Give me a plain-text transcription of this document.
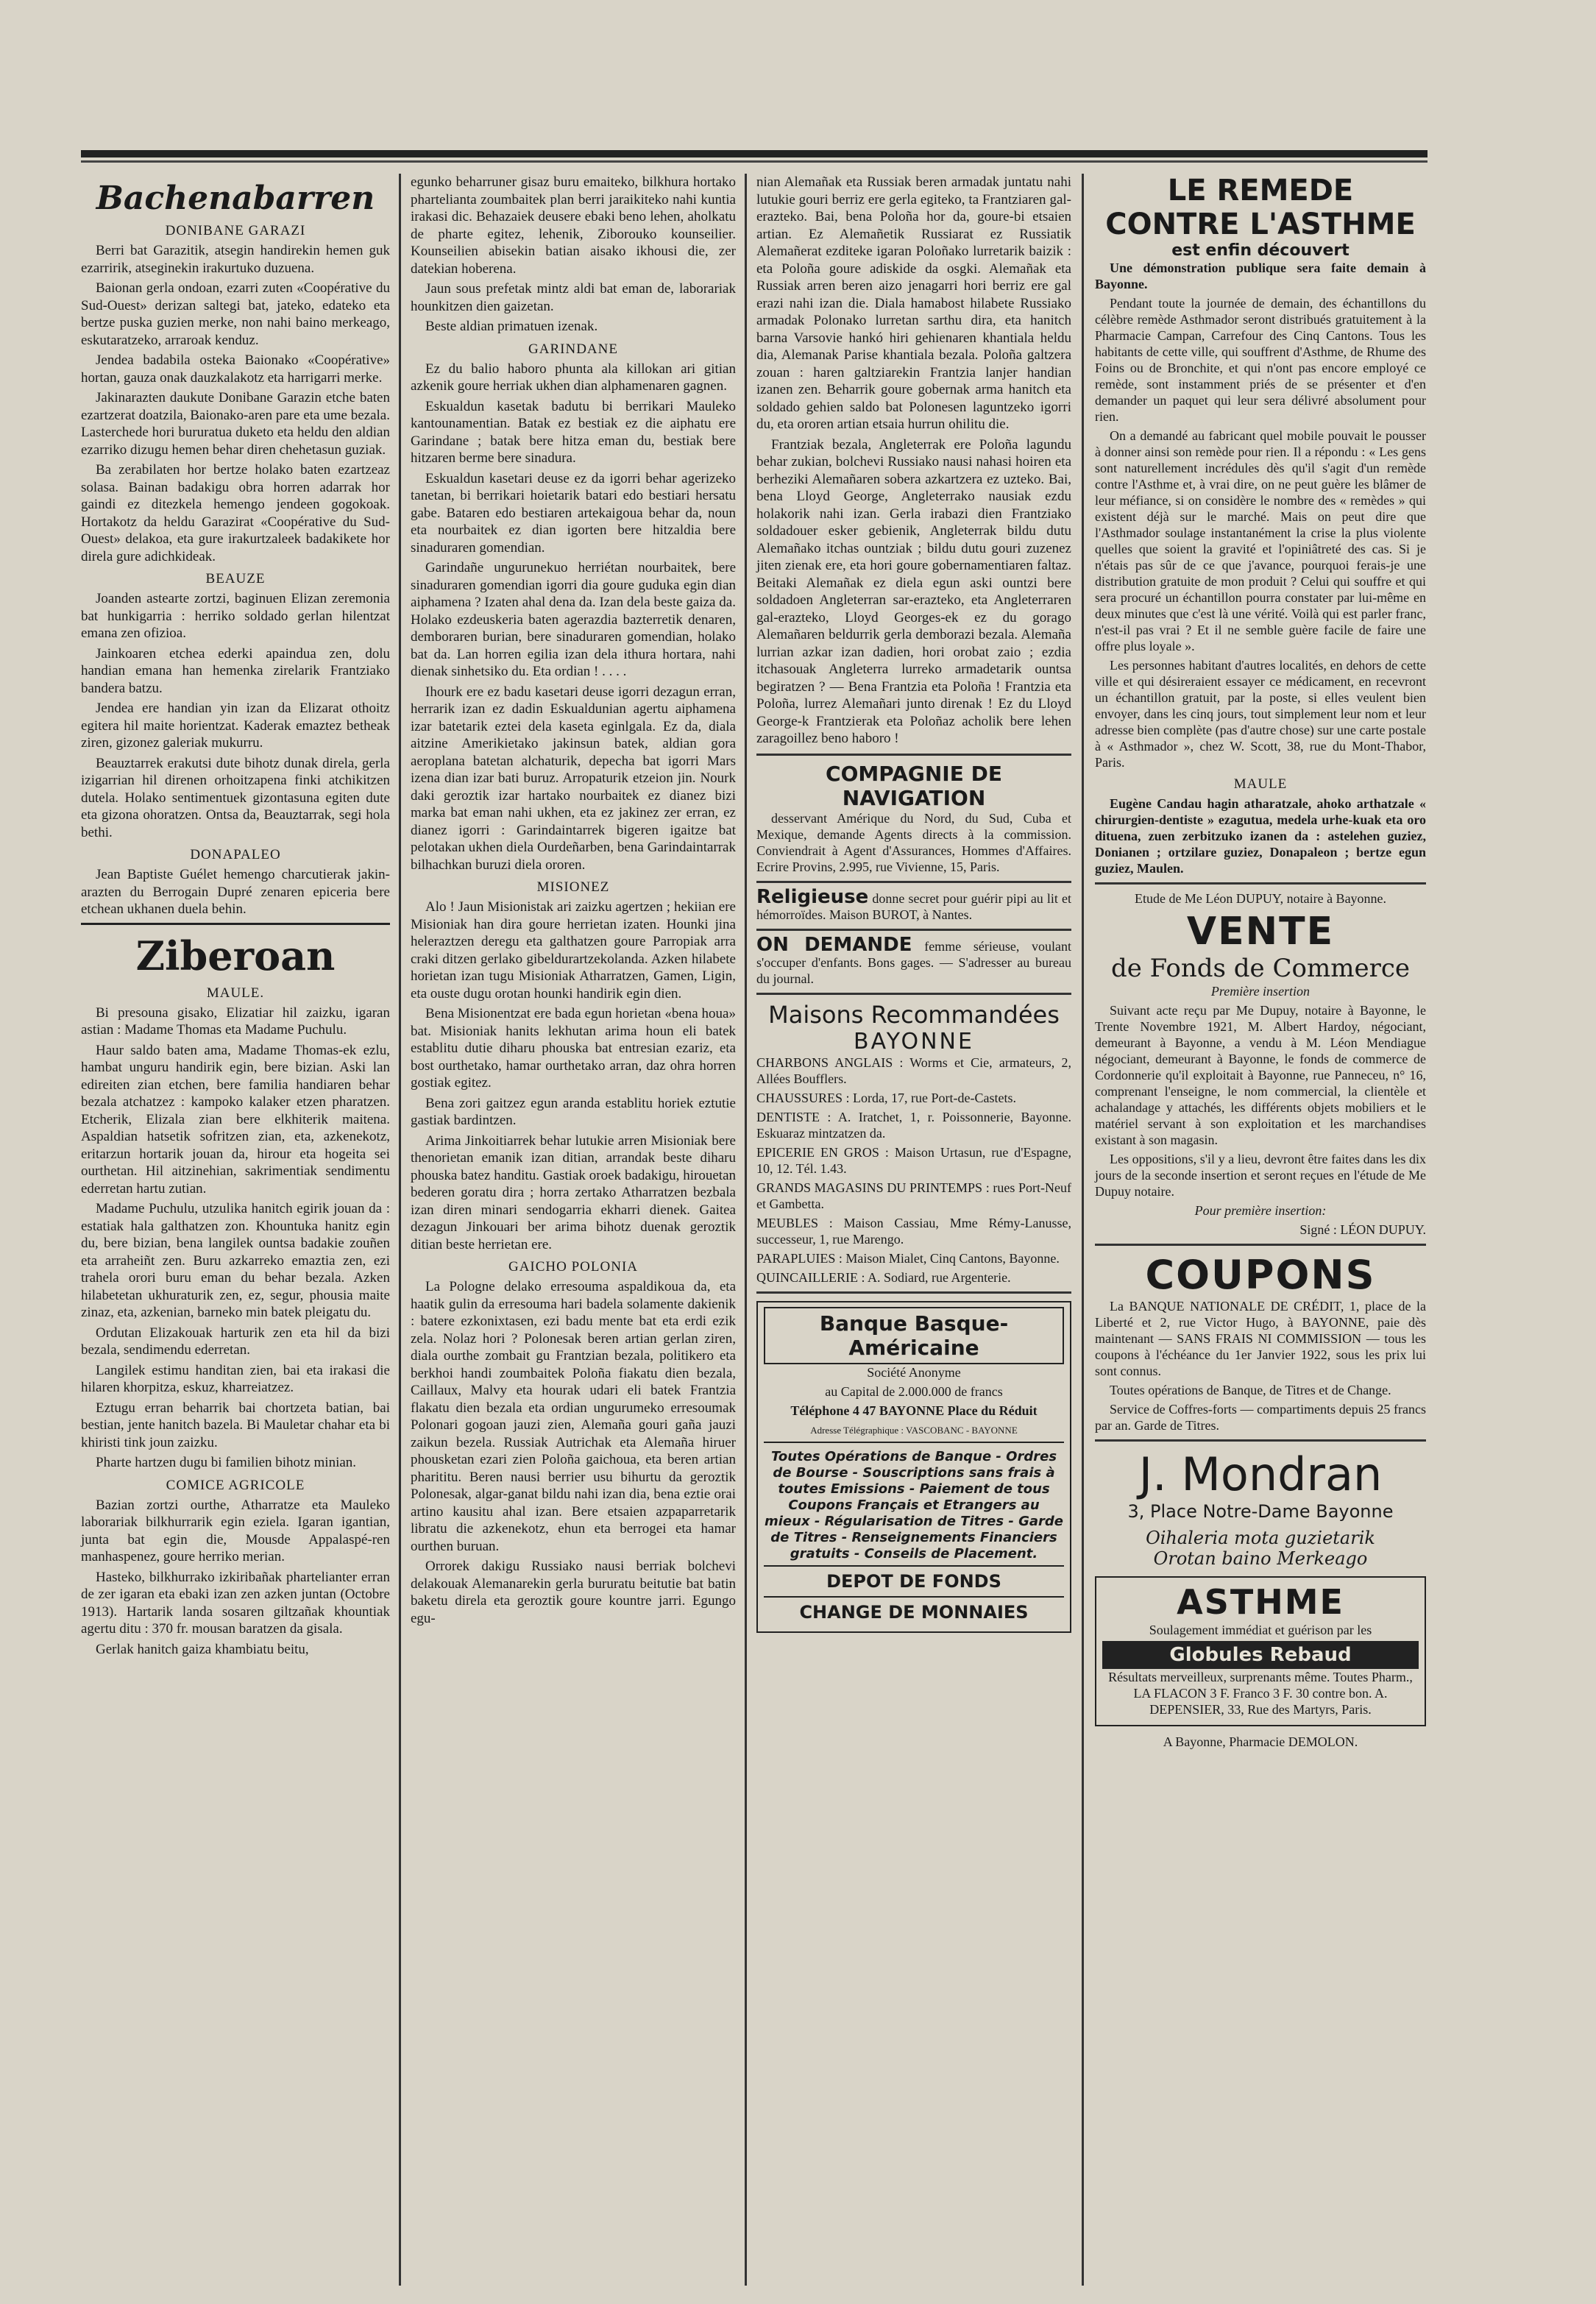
Bachenabarren
DONIBANE GARAZI

Berri bat Garazitik, atsegin handirekin hemen guk ezarririk, atseginekin irakurtuko duzuena.

Baionan gerla ondoan, ezarri zuten «Coopérative du Sud-Ouest» derizan saltegi bat, jateko, edateko eta bertze puska guzien merke, non nahi baino merkeago, eskutaratzeko, arraroak kenduz.

Jendea badabila osteka Baionako «Coopérative» hortan, gauza onak dauzkalakotz eta harrigarri merke.

Jakinarazten daukute Donibane Garazin etche baten ezartzerat doatzila, Baionako-aren pare eta ume bezala. Lasterchede hori bururatua duketo eta heldu den aldian ezarriko dizugu hemen behar diren chehetasun guziak.

Ba zerabilaten hor bertze holako baten ezartzeaz solasa. Bainan badakigu obra horren adarrak hor gaindi ez ditezkela hemengo jendeen gogokoak. Hortakotz da heldu Garazirat «Coopérative du Sud-Ouest» delakoa, eta gure irakurtzaleek badakikete hor direla gure adichkideak.

BEAUZE

Joanden astearte zortzi, baginuen Elizan zeremonia bat hunkigarria : herriko soldado gerlan hilentzat emana zen ofizioa.

Jainkoaren etchea ederki apaindua zen, dolu handian emana han hemenka zirelarik Frantziako bandera batzu.

Jendea ere handian yin izan da Elizarat othoitz egitera hil maite horientzat. Kaderak emaztez betheak ziren, gizonez galeriak mukurru.

Beauztarrek erakutsi dute bihotz dunak direla, gerla izigarrian hil direnen orhoitzapena finki atchikitzen dutela. Holako sentimentuek gizontasuna egiten dute eta gizona ohoratzen. Ontsa da, Beauztarrak, segi hola bethi.

DONAPALEO

Jean Baptiste Guélet hemengo charcutierak jakin-arazten du Berrogain Dupré zenaren epiceria bere etchean ukhanen duela behin.

Ziberoan
MAULE.

Bi presouna gisako, Elizatiar hil zaizku, igaran astian : Madame Thomas eta Madame Puchulu.

Haur saldo baten ama, Madame Thomas-ek ezlu, hambat unguru handirik egin, bere bizian. Aski lan edireiten zian etchen, bere familia handiaren behar bezala atchatzez : kampoko kalaker etzen pharatzen. Etcherik, Elizala zian bere elkhiterik maitena. Aspaldian hatsetik sofritzen zian, eta, azkenekotz, eritarzun hortarik jouan da, hirour eta hogeita sei ourthetan. Hil aitzinehian, sakrimentiak sendimentu ederretan hartu zutian.

Madame Puchulu, utzulika hanitch egirik jouan da : estatiak hala galthatzen zon. Khountuka hanitz egin du, bere bizian, bena langilek ountsa badakie zouñen eta arraheiñt zen. Buru azkarreko emaztia zen, ezi trahela orori buru eman du behar bezala. Azken hilabetetan ukhuraturik zen, ez, segur, phousia maite zinaz, eta, azkenian, barneko min batek pleigatu du.

Ordutan Elizakouak harturik zen eta hil da bizi bezala, sendimendu ederretan.

Langilek estimu handitan zien, bai eta irakasi die hilaren khorpitza, eskuz, kharreiatzez.

Eztugu erran beharrik bai chortzeta batian, bai bestian, jente hanitch bazela. Bi Mauletar chahar eta bi khiristi tink joun zaizku.

Pharte hartzen dugu bi familien bihotz minian.

COMICE AGRICOLE

Bazian zortzi ourthe, Atharratze eta Mauleko laborariak bilkhurrarik egin eziela. Igaran igantian, junta bat egin die, Mousde Appalaspé-ren manhaspenez, goure herriko merian.

Hasteko, bilkhurrako izkiribañak phartelianter erran de zer igaran eta ebaki izan zen azken juntan (Octobre 1913). Hartarik landa sosaren giltzañak khountiak agertu ditu : 370 fr. mousan baratzen da gisala.

Gerlak hanitch gaiza khambiatu beitu,

egunko beharruner gisaz buru emaiteko, bilkhura hortako phartelianta zoumbaitek plan berri jaraikiteko nahi kuntia irakasi dic. Behazaiek deusere ebaki beno lehen, aholkatu de pharte egitez, lehenik, Ziborouko kounseilier. Kounseilien abisekin batian aisako ikhousi die, zer datekian hoberena.

Jaun sous prefetak mintz aldi bat eman de, laborariak hounkitzen dien gaizetan.

Beste aldian primatuen izenak.

GARINDANE

Ez du balio haboro phunta ala killokan ari gitian azkenik goure herriak ukhen dian alphamenaren gagnen.

Eskualdun kasetak badutu bi berrikari Mauleko kantounamentian. Batak ez bestiak ez die aiphatu ere Garindane ; batak bere hitza eman du, bestiak bere hitzaren berme bere sinadura.

Eskualdun kasetari deuse ez da igorri behar agerizeko tanetan, bi berrikari hoietarik batari edo bestiari hersatu gabe. Bataren edo bestiaren artekaigoua behar da, noun eta nourbaitek ez dian igorten bere hitzaldia bere sinaduraren gomendian.

Garindañe ungurunekuo herriétan nourbaitek, bere sinaduraren gomendian igorri dia goure guduka egin dian aiphamena ? Izaten ahal dena da. Izan dela beste gaiza da. Holako ezdeuskeria baten agerazdia bazterretik denaren, demboraren burian, bere sinaduraren gomendian, holako bat da. Lan horren egilia izan dela ithura hortara, nahi dienak sinhetsiko du. Eta ordian ! . . . .

Ihourk ere ez badu kasetari deuse igorri dezagun erran, herrarik izan ez dadin Eskualdunian agertu aiphamena izar batetarik eztei dela kaseta eginlgala. Ez da, diala aitzine Amerikietako jakinsun batek, aldian gora aeroplana batetan alchaturik, depecha bat igorri Mars izena dian izar bati buruz. Arropaturik etzeion jin. Nourk daki geroztik izar hartako nourbaitek ez dianez bizi marka bat eman nahi ukhen, eta ez jakinez zer erran, ez dianez igorri : Garindaintarrek bigeren igaitze bat pelotakan ukhen diela Ourdeñarben, bena Garindaintarrak bilhachkan buruzi diela ororen.

MISIONEZ

Alo ! Jaun Misionistak ari zaizku agertzen ; hekiian ere Misioniak han dira goure herrietan izaten. Hounki jina heleraztzen deregu eta galthatzen goure Parropiak arra craki ditzen gerlako gibeldurartzekolanda. Azken hilabete horietan izan tugu Misioniak Atharratzen, Gamen, Ligin, eta ouste dugu orotan hounki handirik egin dien.

Bena Misionentzat ere bada egun horietan «bena houa» bat. Misioniak hanits lekhutan arima houn eli batek establitu dutie diharu phouska bat entresian ezariz, eta bost ourthetako, hamar ourthetako arran, daz ohra horren gostiak egitez.

Bena zori gaitzez egun aranda establitu horiek eztutie gastiak bardintzen.

Arima Jinkoitiarrek behar lutukie arren Misioniak bere thenorietan emanik izan ditian, arrandak beste diharu phouska batez handitu. Gastiak oroek badakigu, hirouetan bederen goratu dira ; horra zertako Atharratzen bezbala izan diren minari sendogarria ekharri dienek. Gaitea dezagun Jinkouari ber arima bihotz duenak geroztik ditian beste herrietan ere.

GAICHO POLONIA

La Pologne delako erresouma aspaldikoua da, eta haatik gulin da erresouma hari badela solamente dakienik : batere ezkonixtasen, ezi badu mente bat eta erdi ezik zela. Nolaz hori ? Polonesak beren artian gerlan ziren, diala ourthe zombait gu Frantzian bezala, politikero eta berkhoi handi zoumbaitek Poloña fiakatu dien bezala, Caillaux, Malvy eta hourak udari eli batek Frantzia flakatu dien bezala eta ordian ungurumeko erresoumak Polonari gogoan jauzi zien, Alemaña gouri gaña jauzi zaikun bezela. Russiak Autrichak eta Alemaña hiruer phousketan ezari zien Poloña gaichoua, eta beren artian pharititu. Beren nausi berrier usu bihurtu da geroztik Polonesak, algar-ganat bildu nahi izan dia, bena eztie orai artino kausitu ahal izan. Bere etsaien azpaparretarik libratu die azkenekotz, ehun eta berrogei eta hamar ourthen buruan.

Orrorek dakigu Russiako nausi berriak bolchevi delakouak Alemanarekin gerla bururatu beitutie bat batin baketu direla eta geroztik goure kountre jarri. Egungo egu-

nian Alemañak eta Russiak beren armadak juntatu nahi lutukie gouri berriz ere gerla egiteko, ta Frantziaren gal-erazteko. Bai, bena Poloña hor da, goure-bi etsaien artian. Ez Alemañetik Russiarat ez Russiatik Alemañerat ezditeke igaran Poloñako lurretarik baizik : eta Poloña goure adiskide da osgki. Alemañak eta Russiak arren beren aizo jenagarri hori berriz ere gal erazi nahi izan die. Diala hamabost hilabete Russiako armadak Polonako lurretan sarthu dira, eta hanitch barna Varsovie hankó hiri gehienaren khantiala heldu dia, Alemanak Parise khantiala bezala. Poloña galtzera zouan : haren galtziarekin Frantzia lanjer handian izanen zen. Beharrik goure gobernak arma hanitch eta soldado gehien saldo bat Polonesen laguntzeko igorri du, eta ororen artian etsaia hurrun ohilitu die.

Frantziak bezala, Angleterrak ere Poloña lagundu behar zukian, bolchevi Russiako nausi nahasi hoiren eta berheziki Alemañaren sobera azkartzera ez uzteko. Bai, bena Lloyd George, Angleterrako nausiak ezdu holakorik nahi izan. Gerla irabazi dien Frantziako soldadouer esker gebienik, Angleterrak bildu dutu Alemañako itchas ountziak ; bildu dutu gouri zuzenez jiten zienak ere, eta hori goure gobernamentiaren faltaz. Beitaki Alemañak ez diela egun aski ountzi bere soldadoen Angleterran sar-erazteko, eta Angleterraren gal-erazteko, Lloyd Georges-ek ez du gorago Alemañaren beldurrik gerla demborazi bezala. Alemaña lurrian azkar izan dadien, hori orobat zaio ; ezdia itchasouak Angleterra lurreko armadetarik ountsa begiratzen ? — Bena Frantzia eta Poloña ! Frantzia eta Poloña, lurrez Alemañari junto direnak ! Ez du Lloyd George-k Frantzierak eta Poloñaz acholik bere lehen zaragoillez beno haboro !

COMPAGNIE DE NAVIGATION

desservant Amérique du Nord, du Sud, Cuba et Mexique, demande Agents directs à la commission. Conviendrait à Agent d'Assurances, Hommes d'Affaires. Ecrire Provins, 2.995, rue Vivienne, 15, Paris.

Religieuse donne secret pour guérir pipi au lit et hémorroïdes. Maison BUROT, à Nantes.

ON DEMANDE femme sérieuse, voulant s'occuper d'enfants. Bons gages. — S'adresser au bureau du journal.

Maisons Recommandées
BAYONNE

CHARBONS ANGLAIS : Worms et Cie, armateurs, 2, Allées Boufflers.

CHAUSSURES : Lorda, 17, rue Port-de-Castets.

DENTISTE : A. Iratchet, 1, r. Poissonnerie, Bayonne. Eskuaraz mintzatzen da.

EPICERIE EN GROS : Maison Urtasun, rue d'Espagne, 10, 12. Tél. 1.43.

GRANDS MAGASINS DU PRINTEMPS : rues Port-Neuf et Gambetta.

MEUBLES : Maison Cassiau, Mme Rémy-Lanusse, successeur, 1, rue Marengo.

PARAPLUIES : Maison Mialet, Cinq Cantons, Bayonne.

QUINCAILLERIE : A. Sodiard, rue Argenterie.

Banque Basque-Américaine

Société Anonyme

au Capital de 2.000.000 de francs

Téléphone 4 47 BAYONNE Place du Réduit

Adresse Télégraphique : VASCOBANC - BAYONNE

Toutes Opérations de Banque - Ordres de Bourse - Souscriptions sans frais à toutes Emissions - Paiement de tous Coupons Français et Etrangers au mieux - Régularisation de Titres - Garde de Titres - Renseignements Financiers gratuits - Conseils de Placement.

DEPOT DE FONDS
CHANGE DE MONNAIES
LE REMEDE
CONTRE L'ASTHME
est enfin découvert

Une démonstration publique sera faite demain à Bayonne.

Pendant toute la journée de demain, des échantillons du célèbre remède Asthmador seront distribués gratuitement à la Pharmacie Campan, Carrefour des Cinq Cantons. Tous les habitants de cette ville, qui souffrent d'Asthme, de Rhume des Foins ou de Bronchite, et qui n'ont pas encore employé ce remède, sont instamment priés de se présenter et d'en demander un paquet qui leur sera délivré absolument pour rien.

On a demandé au fabricant quel mobile pouvait le pousser à donner ainsi son remède pour rien. Il a répondu : « Les gens sont naturellement incrédules dès qu'il s'agit d'un remède contre l'Asthme et, à vrai dire, on ne peut guère les blâmer de leur méfiance, si on considère le nombre des « remèdes » qui existent déjà sur le marché. Mais on peut dire que l'Asthmador soulage instantanément la crise la plus violente quelles que soient la gravité et l'opiniâtreté des cas. Si je n'étais pas sûr de ce que j'avance, pourquoi ferais-je une distribution gratuite de mon produit ? Celui qui souffre et qui sera procuré un échantillon pourra constater par lui-même en deux minutes que c'est là une vérité. Voilà qui est parler franc, n'est-il pas vrai ? Et il ne semble guère facile de faire une offre plus loyale ».

Les personnes habitant d'autres localités, en dehors de cette ville et qui désireraient essayer ce médicament, en recevront un échantillon gratuit, par la poste, si elles veulent bien envoyer, dans les cinq jours, tout simplement leur nom et leur adresse bien complète (pas d'autre chose) sur une carte postale à « Asthmador », chez W. Scott, 38, rue du Mont-Thabor, Paris.

MAULE

Eugène Candau hagin atharatzale, ahoko arthatzale « chirurgien-dentiste » ezagutua, medela urhe-kuak eta oro dituena, zuen zerbitzuko izanen da : astelehen guziez, Donianen ; ortzilare guziez, Donapaleon ; bertze egun guziez, Maulen.

Etude de Me Léon DUPUY, notaire à Bayonne.

VENTE
de Fonds de Commerce

Première insertion

Suivant acte reçu par Me Dupuy, notaire à Bayonne, le Trente Novembre 1921, M. Albert Hardoy, négociant, demeurant à Bayonne, a vendu à M. Léon Mendiague négociant, demeurant à Bayonne, le fonds de commerce de Cordonnerie qu'il exploitait à Bayonne, rue Panneceu, n° 16, comprenant l'enseigne, le nom commercial, la clientèle et achalandage y attachés, les différents objets mobiliers et le matériel servant à son exploitation et les marchandises existant à son magasin.

Les oppositions, s'il y a lieu, devront être faites dans les dix jours de la seconde insertion et seront reçues en l'étude de Me Dupuy notaire.

Pour première insertion:

Signé : LÉON DUPUY.

COUPONS

La BANQUE NATIONALE DE CRÉDIT, 1, place de la Liberté et 2, rue Victor Hugo, à BAYONNE, paie dès maintenant — SANS FRAIS NI COMMISSION — tous les coupons à l'échéance du 1er Janvier 1922, sous les prix lui sont connus.

Toutes opérations de Banque, de Titres et de Change.

Service de Coffres-forts — compartiments depuis 25 francs par an. Garde de Titres.

J. Mondran
3, Place Notre-Dame Bayonne
Oihaleria mota guzietarik
Orotan baino Merkeago
ASTHME

Soulagement immédiat et guérison par les

Globules Rebaud

Résultats merveilleux, surprenants même. Toutes Pharm., LA FLACON 3 F. Franco 3 F. 30 contre bon. A. DEPENSIER, 33, Rue des Martyrs, Paris.

A Bayonne, Pharmacie DEMOLON.
